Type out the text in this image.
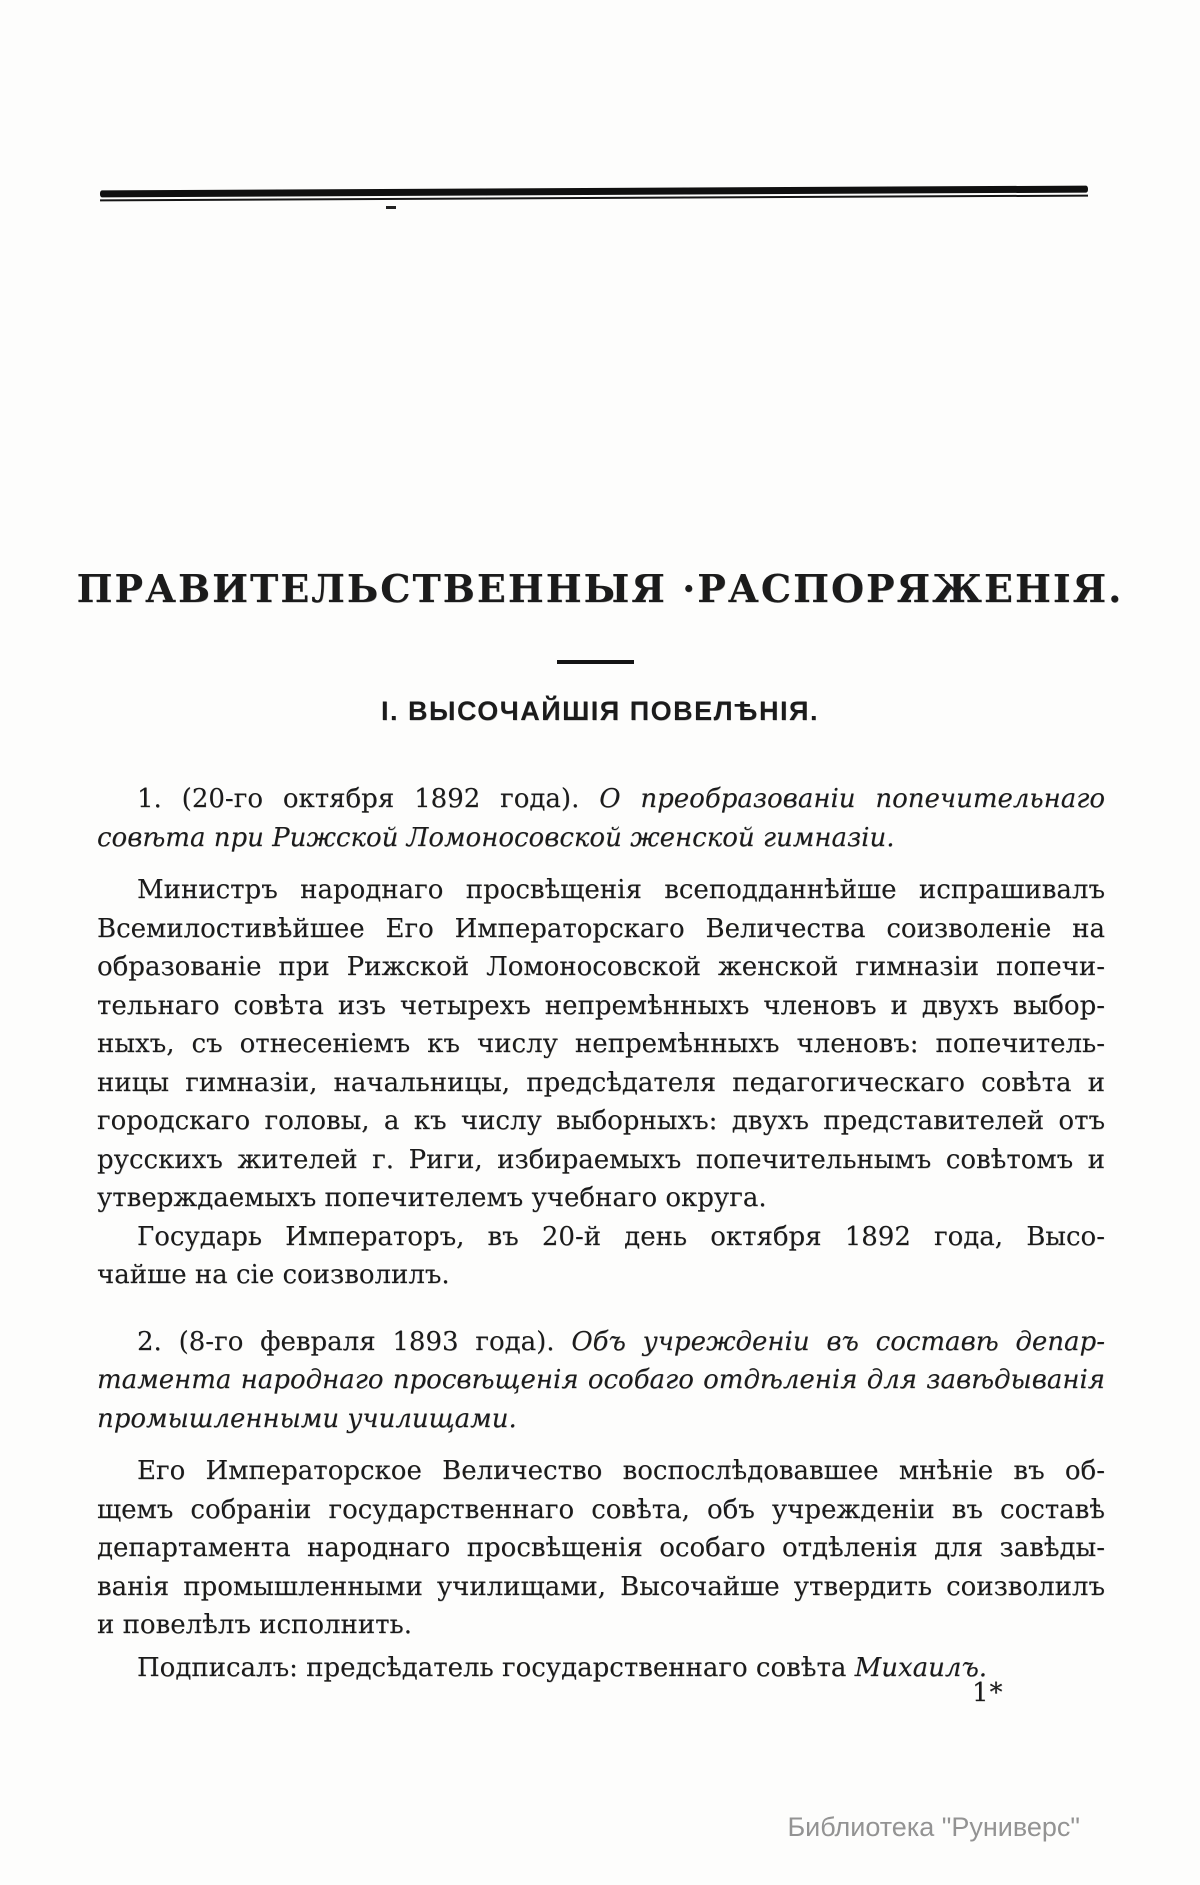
ПРАВИТЕЛЬСТВЕННЫЯ ·РАСПОРЯЖЕНІЯ.
І. ВЫСОЧАЙШІЯ ПОВЕЛѢНІЯ.
1. (20-го октября 1892 года). О преобразованіи попечительнаго
совѣта при Рижской Ломоносовской женской гимназіи.
Министръ народнаго просвѣщенія всеподданнѣйше испрашивалъ
Всемилостивѣйшее Его Императорскаго Величества соизволеніе на
образованіе при Рижской Ломоносовской женской гимназіи попечи-
тельнаго совѣта изъ четырехъ непремѣнныхъ членовъ и двухъ выбор-
ныхъ, съ отнесеніемъ къ числу непремѣнныхъ членовъ: попечитель-
ницы гимназіи, начальницы, предсѣдателя педагогическаго совѣта и
городскаго головы, а къ числу выборныхъ: двухъ представителей отъ
русскихъ жителей г. Риги, избираемыхъ попечительнымъ совѣтомъ и
утверждаемыхъ попечителемъ учебнаго округа.
Государь Императоръ, въ 20-й день октября 1892 года, Высо-
чайше на сіе соизволилъ.
2. (8-го февраля 1893 года). Объ учрежденіи въ составѣ депар-
тамента народнаго просвѣщенія особаго отдѣленія для завѣдыванія
промышленными училищами.
Его Императорское Величество воспослѣдовавшее мнѣніе въ об-
щемъ собраніи государственнаго совѣта, объ учрежденіи въ составѣ
департамента народнаго просвѣщенія особаго отдѣленія для завѣды-
ванія промышленными училищами, Высочайше утвердить соизволилъ
и повелѣлъ исполнить.
Подписалъ: предсѣдатель государственнаго совѣта Михаилъ.
1*
Библиотека "Руниверс"
